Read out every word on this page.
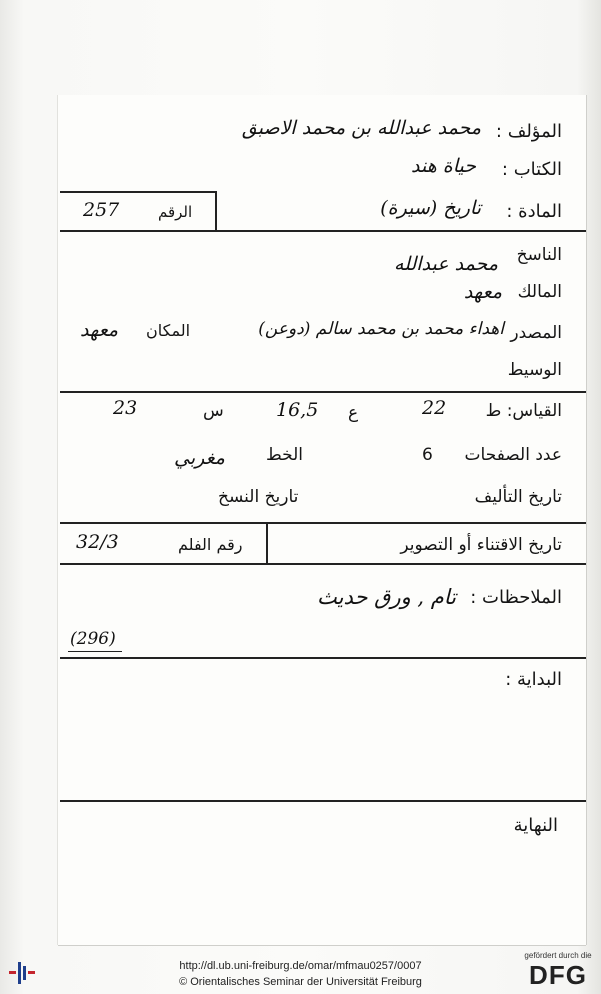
المؤلف :
محمد عبدالله بن محمد الاصبق
الكتاب :
حياة هند
الرقم
257	المادة :
تاريخ (سيرة)
الناسخ
محمد عبدالله
المالك
معهد
المصدر
اهداء محمد بن محمد سالم (دوعن)
المكان
معهد
الوسيط
القياس: ط
22
ع
16,5
س
23
عدد الصفحات
6
الخط
مغربي
تاريخ التأليف
تاريخ النسخ
تاريخ الاقتناء أو التصوير
رقم الفلم
32/3
الملاحظات :
تام , ورق حديث
(296)
البداية :
النهاية
http://dl.ub.uni-freiburg.de/omar/mfmau0257/0007
© Orientalisches Seminar der Universität Freiburg
gefördert durch die
DFG
